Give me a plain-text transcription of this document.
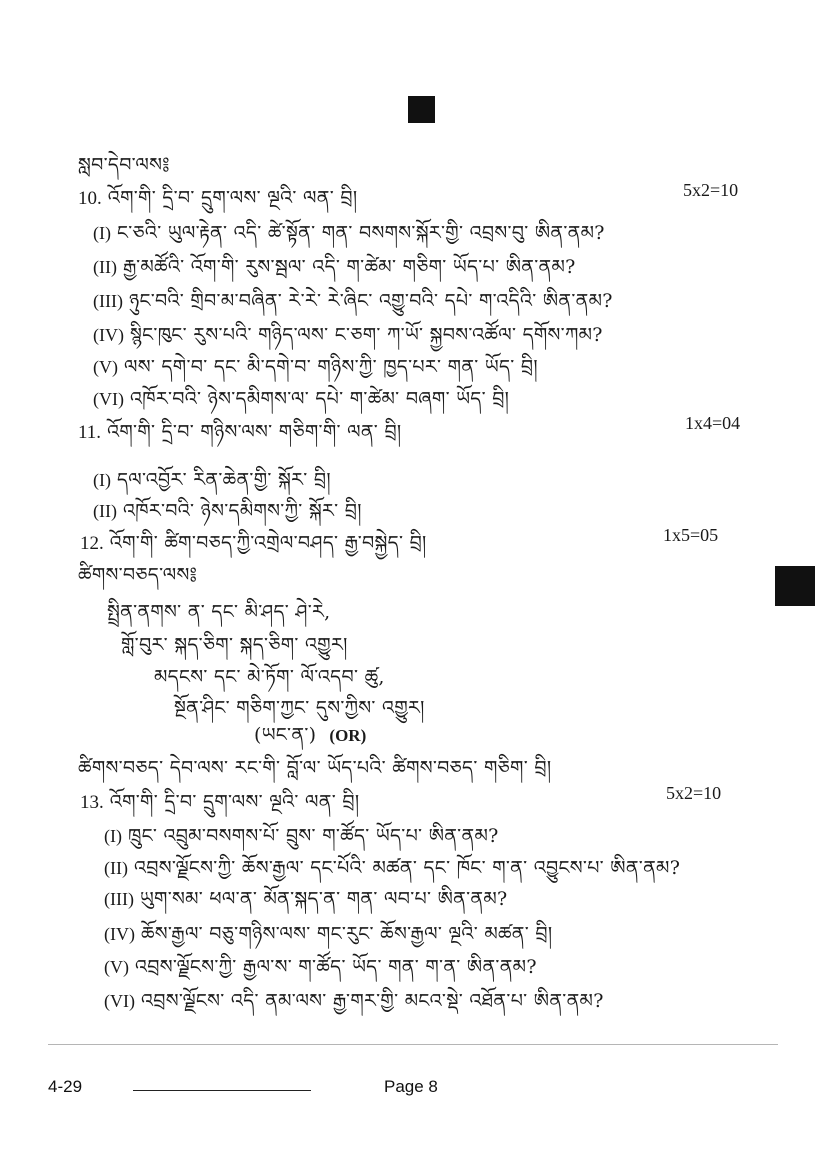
སླབ་དེབ་ལས༔
10. འོག་གི་ དྲི་བ་ དྲུག་ལས་ ལྔའི་ ལན་ བྲི།	5x2=10
(I) ང་ཅའི་ ཡུལ་རྟེན་ འདི་ ཚེ་སྟོན་ གན་ བསགས་སྐོར་གྱི་ འབྲས་བུ་ ཨིན་ནམ?
(II) རྒྱ་མཚོའི་ འོག་གི་ རུས་སྦལ་ འདི་ ག་ཚེམ་ གཅིག་ ཡོད་པ་ ཨིན་ནམ?
(III) ཉུང་བའི་ གྲིབ་མ་བཞིན་ རེ་རེ་ རེ་ཞིང་ འགྱུ་བའི་ དཔེ་ ག་འདིའི་ ཨིན་ནམ?
(IV) སྙིང་ཁུང་ རུས་པའི་ གཉིད་ལས་ ང་ཅག་ ཀ་ཡོ་ སྐྱབས་འཚོལ་ དགོས་ཀམ?
(V) ལས་ དགེ་བ་ དང་ མི་དགེ་བ་ གཉིས་ཀྱི་ ཁྱད་པར་ གན་ ཡོད་ བྲི།
(VI) འཁོར་བའི་ ཉེས་དམིགས་ལ་ དཔེ་ ག་ཚེམ་ བཞག་ ཡོད་ བྲི།
11. འོག་གི་ དྲི་བ་ གཉིས་ལས་ གཅིག་གི་ ལན་ བྲི།	1x4=04
(I) དལ་འབྱོར་ རིན་ཆེན་གྱི་ སྐོར་ བྲི།
(II) འཁོར་བའི་ ཉེས་དམིགས་ཀྱི་ སྐོར་ བྲི།
12. འོག་གི་ ཚིག་བཅད་ཀྱི་འགྲེལ་བཤད་ རྒྱ་བསྐྱེད་ བྲི།	1x5=05
ཚིགས་བཅད་ལས༔
སྤྲིན་ནགས་ ན་ དང་ མི་ཤད་ ཤེ་རེ,
གློ་བུར་ སྐད་ཅིག་ སྐད་ཅིག་ འགྱུར།
མདངས་ དང་ མེ་ཏོག་ ལོ་འདབ་ ཚུ,
སྔོན་ཤིང་ གཅིག་ཀྱང་ དུས་ཀྱིས་ འགྱུར།
(ཡང་ན་) (OR)
ཚིགས་བཅད་ དེབ་ལས་ རང་གི་ བློ་ལ་ ཡོད་པའི་ ཚིགས་བཅད་ གཅིག་ བྲི།
13. འོག་གི་ དྲི་བ་ དྲུག་ལས་ ལྔའི་ ལན་ བྲི།	5x2=10
(I) ཁྲུང་ འབྲུམ་བསགས་པོ་ བྲུས་ ག་ཚོད་ ཡོད་པ་ ཨིན་ནམ?
(II) འབྲས་ལྗོངས་ཀྱི་ ཆོས་རྒྱལ་ དང་པོའི་ མཚན་ དང་ ཁོང་ ག་ན་ འབྱུངས་པ་ ཨིན་ནམ?
(III) ཡུག་སམ་ ཕལ་ན་ མོན་སྐད་ན་ གན་ ལབ་པ་ ཨིན་ནམ?
(IV) ཆོས་རྒྱལ་ བཅུ་གཉིས་ལས་ གང་རུང་ ཆོས་རྒྱལ་ ལྔའི་ མཚན་ བྲི།
(V) འབྲས་ལྗོངས་ཀྱི་ རྒྱལ་ས་ ག་ཚོད་ ཡོད་ གན་ ག་ན་ ཨིན་ནམ?
(VI) འབྲས་ལྗོངས་ འདི་ ནམ་ལས་ རྒྱ་གར་གྱི་ མངའ་སྡེ་ འཐོན་པ་ ཨིན་ནམ?
4-29	Page 8
